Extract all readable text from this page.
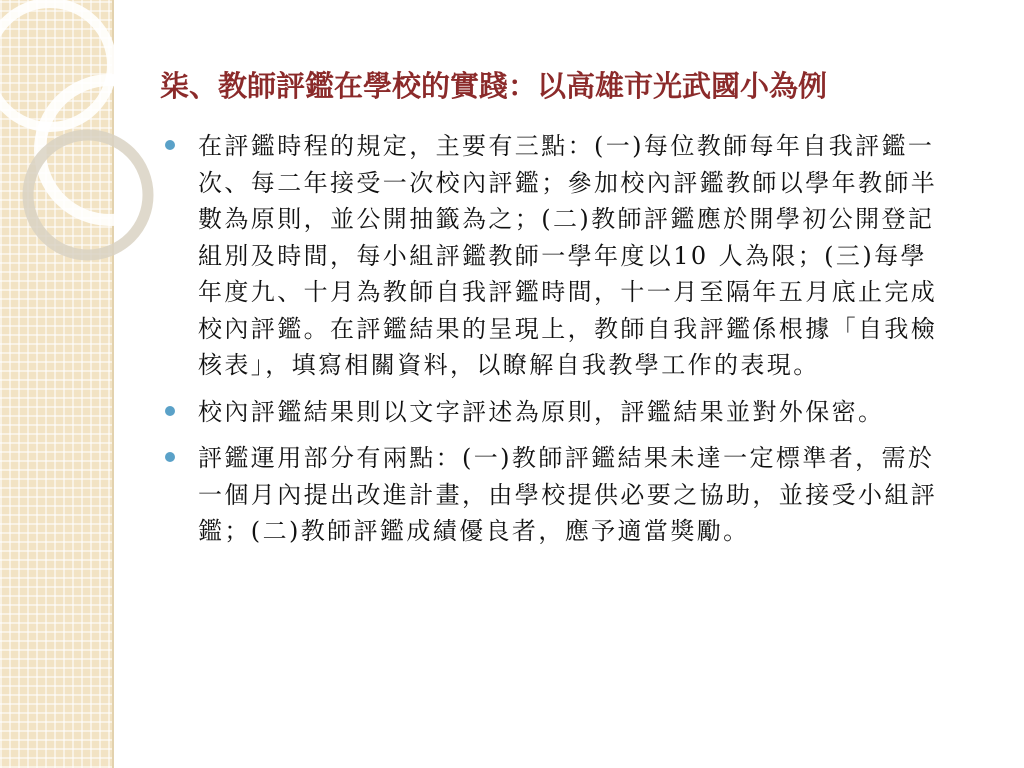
柒、教師評鑑在學校的實踐：以高雄市光武國小為例
在評鑑時程的規定，主要有三點：(一)每位教師每年自我評鑑一次、每二年接受一次校內評鑑；參加校內評鑑教師以學年教師半數為原則，並公開抽籤為之；(二)教師評鑑應於開學初公開登記組別及時間，每小組評鑑教師一學年度以10 人為限；(三)每學年度九、十月為教師自我評鑑時間，十一月至隔年五月底止完成校內評鑑。在評鑑結果的呈現上，教師自我評鑑係根據「自我檢核表」，填寫相關資料，以瞭解自我教學工作的表現。
校內評鑑結果則以文字評述為原則，評鑑結果並對外保密。
評鑑運用部分有兩點：(一)教師評鑑結果未達一定標準者，需於一個月內提出改進計畫，由學校提供必要之協助，並接受小組評鑑；(二)教師評鑑成績優良者，應予適當獎勵。
